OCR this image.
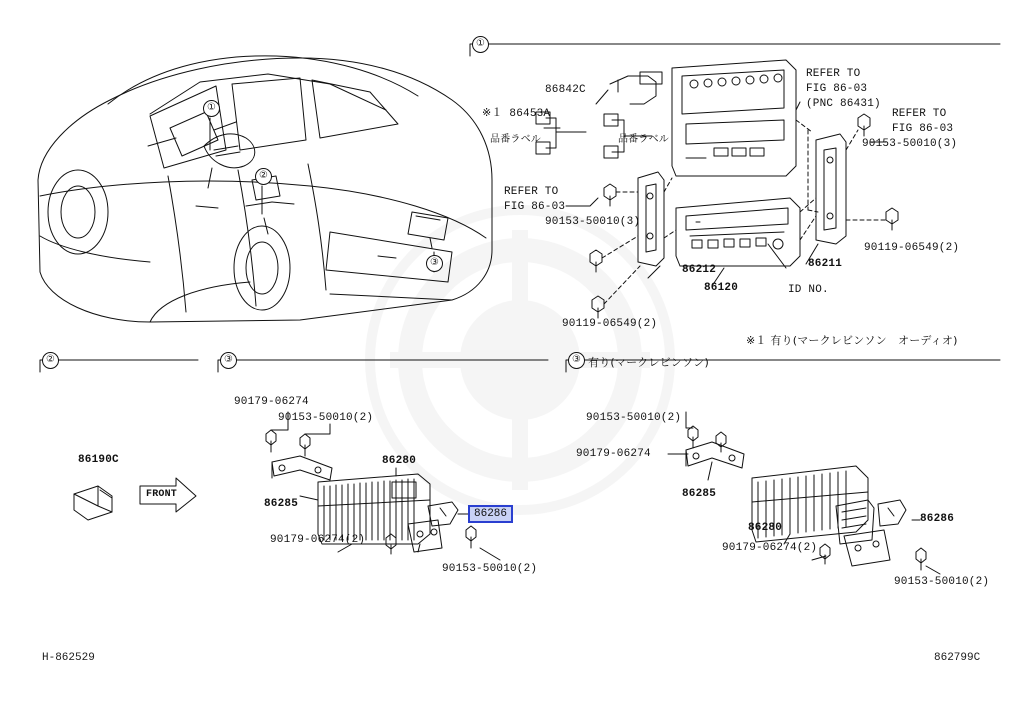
①
②	③	③
①
②
③
86842C
※１ 86453A
品番ラベル	品番ラベル
REFER TO
FIG 86-03
(PNC 86431)
REFER TO
FIG 86-03
90153-50010(3)
REFER TO
FIG 86-03
90153-50010(3)
90119-06549(2)
86212
86120
86211
ID NO.
90119-06549(2)
※１ 有り(マークレビンソン　オーディオ)
86190C
FRONT
90179-06274
90153-50010(2)
86280
86285
90179-06274(2)
90153-50010(2)
86286
有り(マークレビンソン)
90153-50010(2)
90179-06274
86285
86280
90179-06274(2)
86286
90153-50010(2)
H-862529	862799C
